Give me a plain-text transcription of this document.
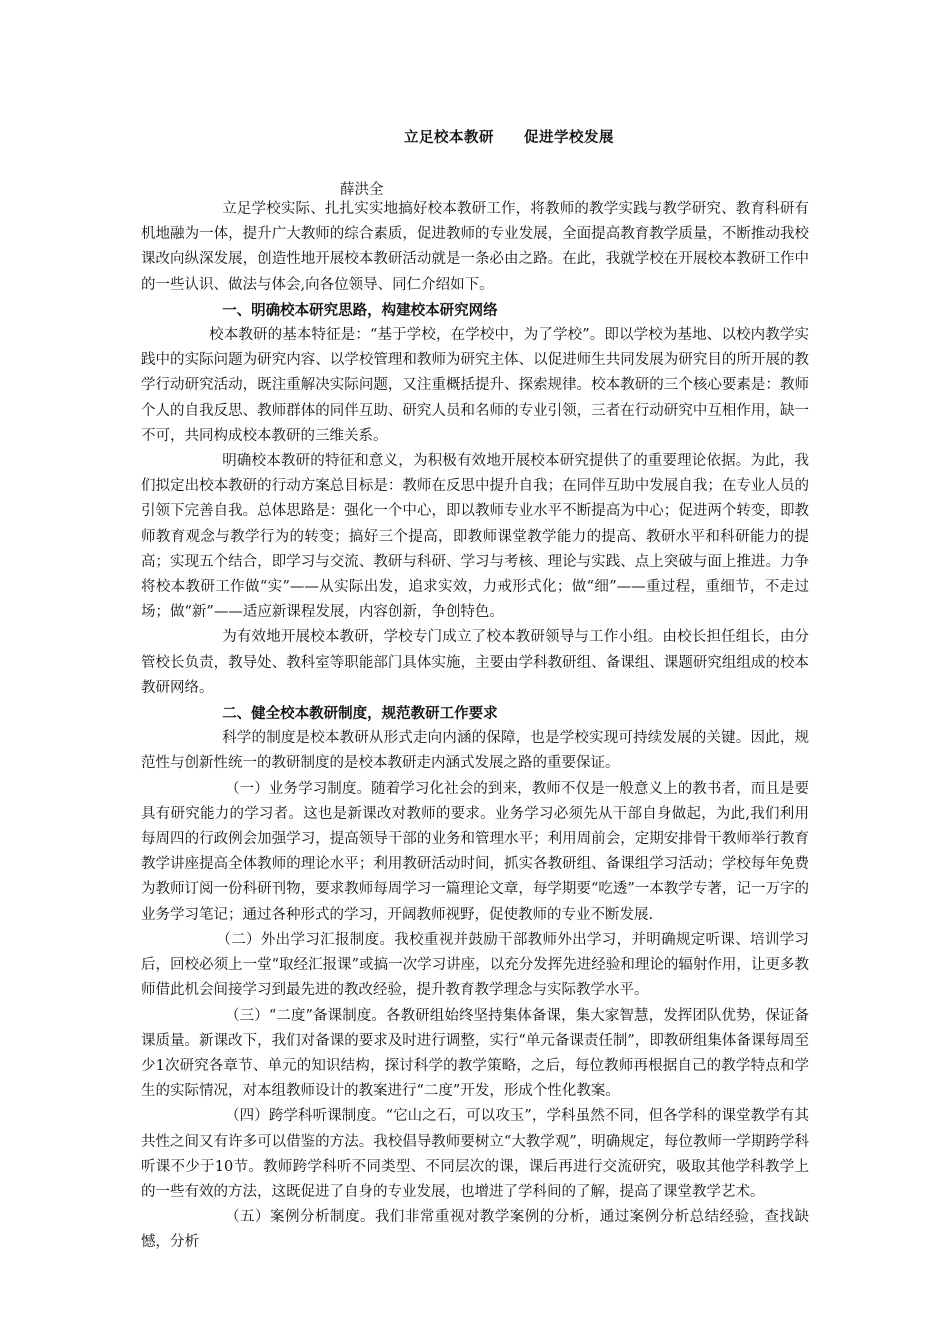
立足校本教研　　促进学校发展
薛洪全

立足学校实际、扎扎实实地搞好校本教研工作，将教师的教学实践与教学研究、教育科研有机地融为一体，提升广大教师的综合素质，促进教师的专业发展，全面提高教育教学质量，不断推动我校课改向纵深发展，创造性地开展校本教研活动就是一条必由之路。在此，我就学校在开展校本教研工作中的一些认识、做法与体会,向各位领导、同仁介绍如下。

一、明确校本研究思路，构建校本研究网络

校本教研的基本特征是：“基于学校，在学校中，为了学校”。即以学校为基地、以校内教学实践中的实际问题为研究内容、以学校管理和教师为研究主体、以促进师生共同发展为研究目的所开展的教学行动研究活动，既注重解决实际问题，又注重概括提升、探索规律。校本教研的三个核心要素是：教师个人的自我反思、教师群体的同伴互助、研究人员和名师的专业引领，三者在行动研究中互相作用，缺一不可，共同构成校本教研的三维关系。

明确校本教研的特征和意义，为积极有效地开展校本研究提供了的重要理论依据。为此，我们拟定出校本教研的行动方案总目标是：教师在反思中提升自我；在同伴互助中发展自我；在专业人员的引领下完善自我。总体思路是：强化一个中心，即以教师专业水平不断提高为中心；促进两个转变，即教师教育观念与教学行为的转变；搞好三个提高，即教师课堂教学能力的提高、教研水平和科研能力的提高；实现五个结合，即学习与交流、教研与科研、学习与考核、理论与实践、点上突破与面上推进。力争将校本教研工作做“实”——从实际出发，追求实效，力戒形式化；做“细”——重过程，重细节，不走过场；做“新”——适应新课程发展，内容创新，争创特色。

为有效地开展校本教研，学校专门成立了校本教研领导与工作小组。由校长担任组长，由分管校长负责，教导处、教科室等职能部门具体实施，主要由学科教研组、备课组、课题研究组组成的校本教研网络。

二、健全校本教研制度，规范教研工作要求

科学的制度是校本教研从形式走向内涵的保障，也是学校实现可持续发展的关键。因此，规范性与创新性统一的教研制度的是校本教研走内涵式发展之路的重要保证。

（一）业务学习制度。随着学习化社会的到来，教师不仅是一般意义上的教书者，而且是要具有研究能力的学习者。这也是新课改对教师的要求。业务学习必须先从干部自身做起，为此,我们利用每周四的行政例会加强学习，提高领导干部的业务和管理水平；利用周前会，定期安排骨干教师举行教育教学讲座提高全体教师的理论水平；利用教研活动时间，抓实各教研组、备课组学习活动；学校每年免费为教师订阅一份科研刊物，要求教师每周学习一篇理论文章，每学期要“吃透”一本教学专著，记一万字的业务学习笔记；通过各种形式的学习，开阔教师视野，促使教师的专业不断发展.

（二）外出学习汇报制度。我校重视并鼓励干部教师外出学习，并明确规定听课、培训学习后，回校必须上一堂“取经汇报课”或搞一次学习讲座，以充分发挥先进经验和理论的辐射作用，让更多教师借此机会间接学习到最先进的教改经验，提升教育教学理念与实际教学水平。

（三）“二度”备课制度。各教研组始终坚持集体备课，集大家智慧，发挥团队优势，保证备课质量。新课改下，我们对备课的要求及时进行调整，实行“单元备课责任制”，即教研组集体备课每周至少1次研究各章节、单元的知识结构，探讨科学的教学策略，之后，每位教师再根据自己的教学特点和学生的实际情况，对本组教师设计的教案进行“二度”开发，形成个性化教案。

（四）跨学科听课制度。“它山之石，可以攻玉”，学科虽然不同，但各学科的课堂教学有其共性之间又有许多可以借鉴的方法。我校倡导教师要树立“大教学观”，明确规定，每位教师一学期跨学科听课不少于10节。教师跨学科听不同类型、不同层次的课，课后再进行交流研究，吸取其他学科教学上的一些有效的方法，这既促进了自身的专业发展，也增进了学科间的了解，提高了课堂教学艺术。

（五）案例分析制度。我们非常重视对教学案例的分析，通过案例分析总结经验，查找缺憾，分析
